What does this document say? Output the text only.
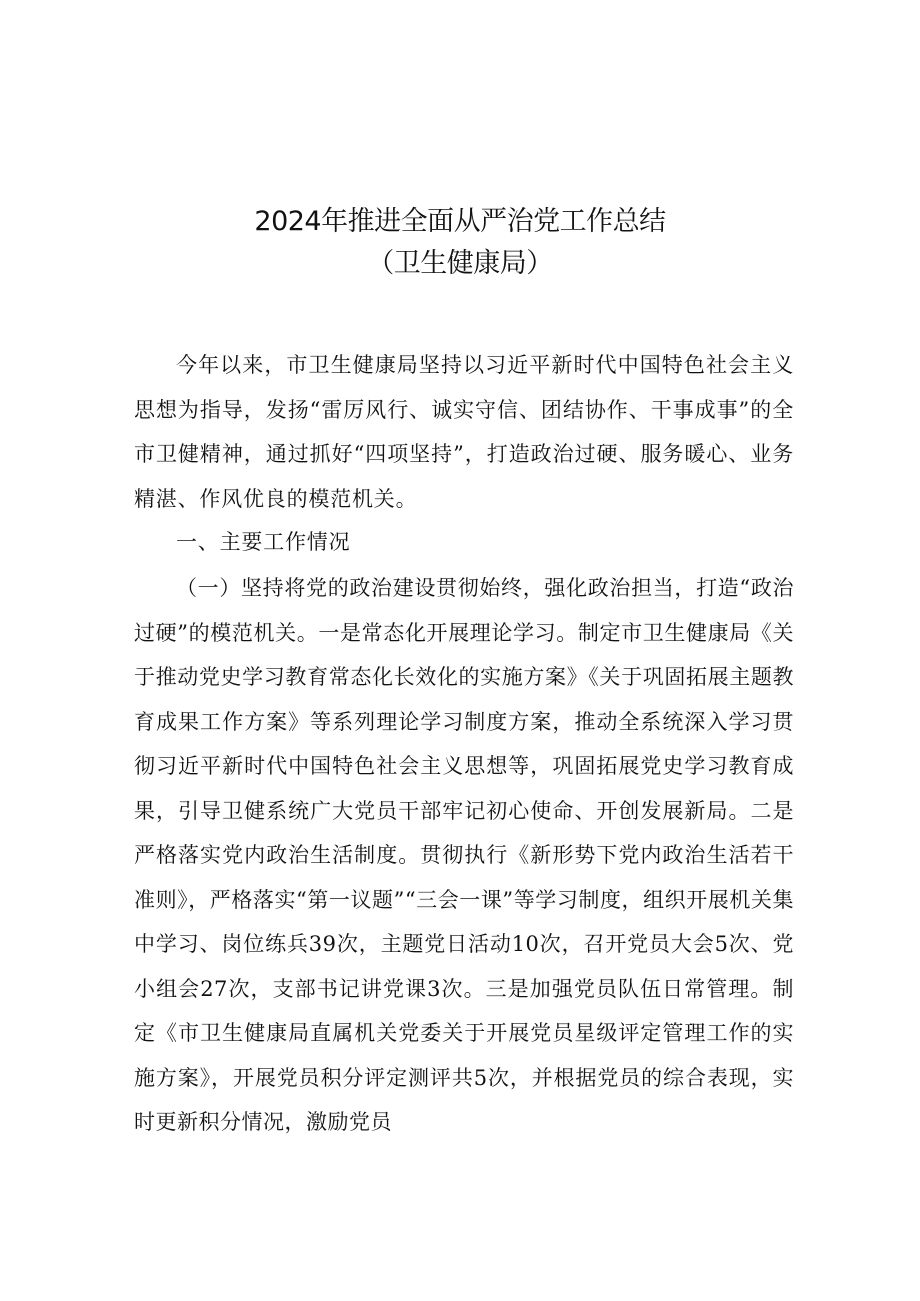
2024年推进全面从严治党工作总结
（卫生健康局）

今年以来，市卫生健康局坚持以习近平新时代中国特色社会主义思想为指导，发扬“雷厉风行、诚实守信、团结协作、干事成事”的全市卫健精神，通过抓好“四项坚持”，打造政治过硬、服务暖心、业务精湛、作风优良的模范机关。

一、主要工作情况

（一）坚持将党的政治建设贯彻始终，强化政治担当，打造“政治过硬”的模范机关。一是常态化开展理论学习。制定市卫生健康局《关于推动党史学习教育常态化长效化的实施方案》《关于巩固拓展主题教育成果工作方案》等系列理论学习制度方案，推动全系统深入学习贯彻习近平新时代中国特色社会主义思想等，巩固拓展党史学习教育成果，引导卫健系统广大党员干部牢记初心使命、开创发展新局。二是严格落实党内政治生活制度。贯彻执行《新形势下党内政治生活若干准则》，严格落实“第一议题”“三会一课”等学习制度，组织开展机关集中学习、岗位练兵39次，主题党日活动10次，召开党员大会5次、党小组会27次，支部书记讲党课3次。三是加强党员队伍日常管理。制定《市卫生健康局直属机关党委关于开展党员星级评定管理工作的实施方案》，开展党员积分评定测评共5次，并根据党员的综合表现，实时更新积分情况，激励党员
